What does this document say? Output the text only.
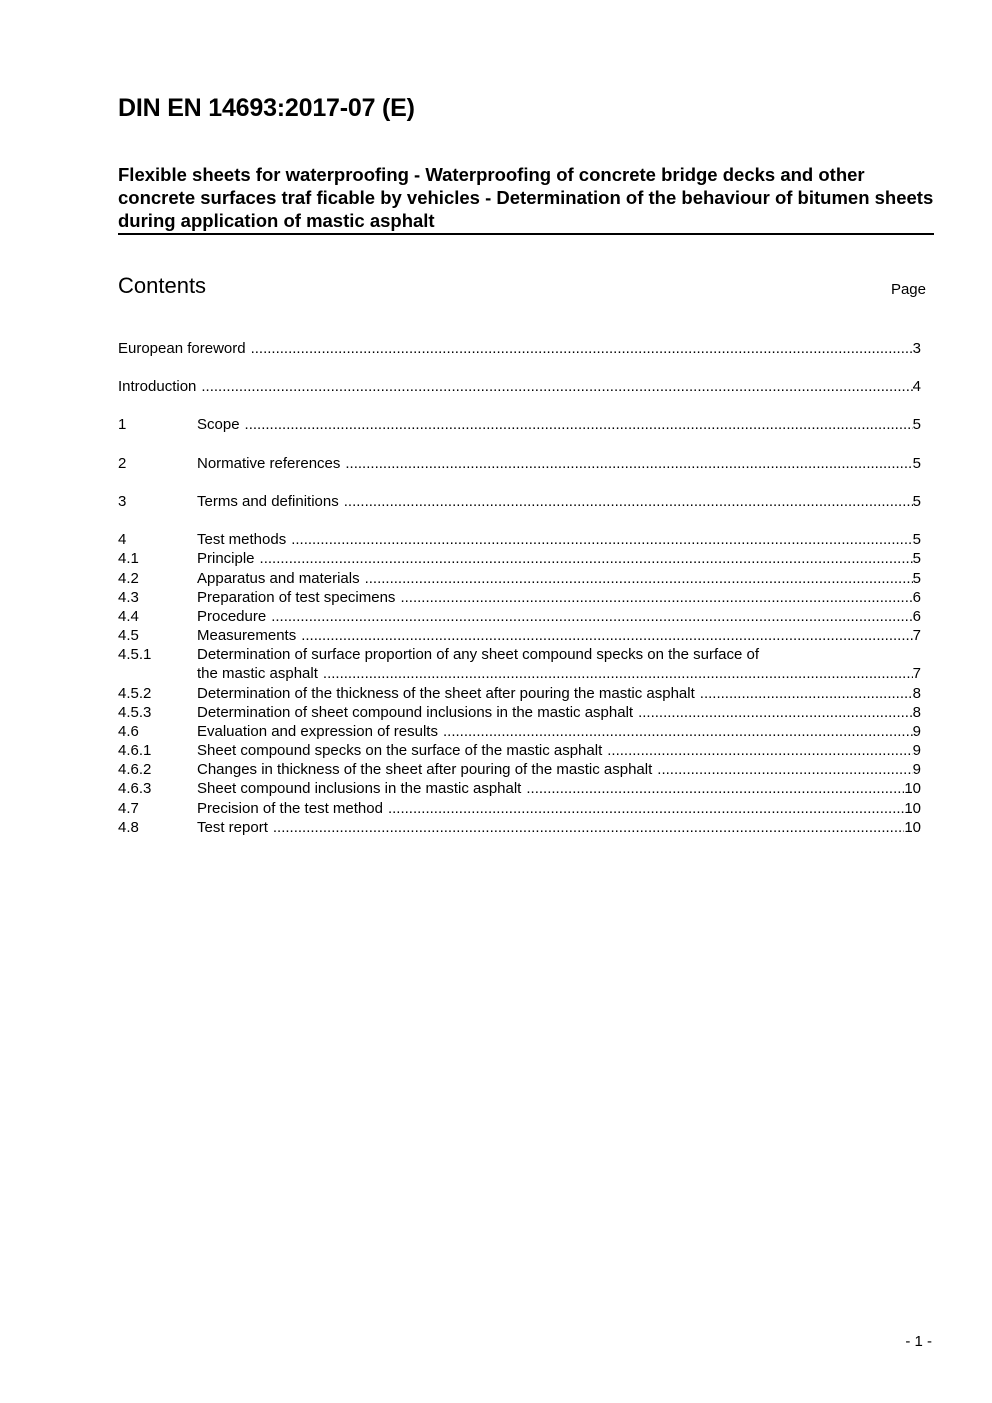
DIN EN 14693:2017-07 (E)
Flexible sheets for waterproofing - Waterproofing of concrete bridge decks and other concrete surfaces traf ficable by vehicles - Determination of the behaviour of bitumen sheets during application of mastic asphalt
Contents	Page
European foreword .....	3
Introduction .....	4
1	Scope .....	5
2	Normative references .....	5
3	Terms and definitions .....	5
4	Test methods .....	5
4.1	Principle .....	5
4.2	Apparatus and materials .....	5
4.3	Preparation of test specimens .....	6
4.4	Procedure .....	6
4.5	Measurements .....	7
4.5.1	Determination of surface proportion of any sheet compound specks on the surface of
the mastic asphalt .....	7
4.5.2	Determination of the thickness of the sheet after pouring the mastic asphalt .....	8
4.5.3	Determination of sheet compound inclusions in the mastic asphalt .....	8
4.6	Evaluation and expression of results .....	9
4.6.1	Sheet compound specks on the surface of the mastic asphalt .....	9
4.6.2	Changes in thickness of the sheet after pouring of the mastic asphalt .....	9
4.6.3	Sheet compound inclusions in the mastic asphalt .....	10
4.7	Precision of the test method .....	10
4.8	Test report .....	10
- 1 -
